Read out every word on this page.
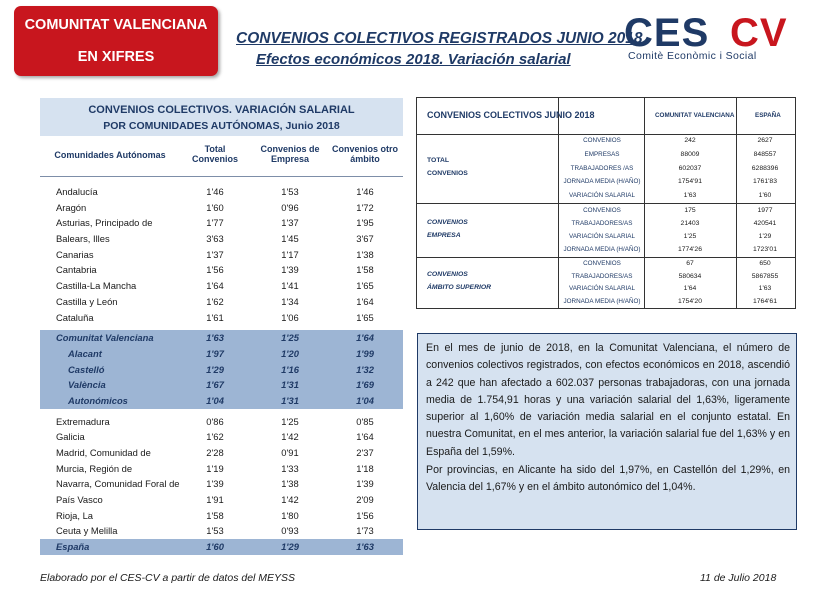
COMUNITAT VALENCIANA
EN XIFRES
CONVENIOS COLECTIVOS REGISTRADOS JUNIO 2018
Efectos económicos 2018. Variación salarial
CES CV
Comitè Econòmic i Social
CONVENIOS COLECTIVOS. VARIACIÓN SALARIAL
POR COMUNIDADES AUTÓNOMAS, Junio 2018
Comunidades Autónomas
Total Convenios
Convenios de Empresa
Convenios otro ámbito
Andalucía	1'46	1'53	1'46
Aragón	1'60	0'96	1'72
Asturias, Principado de	1'77	1'37	1'95
Balears, Illes	3'63	1'45	3'67
Canarias	1'37	1'17	1'38
Cantabria	1'56	1'39	1'58
Castilla-La Mancha	1'64	1'41	1'65
Castilla y León	1'62	1'34	1'64
Cataluña	1'61	1'06	1'65
Comunitat Valenciana	1'63	1'25	1'64
Alacant	1'97	1'20	1'99
Castelló	1'29	1'16	1'32
València	1'67	1'31	1'69
Autonómicos	1'04	1'31	1'04
Extremadura	0'86	1'25	0'85
Galicia	1'62	1'42	1'64
Madrid, Comunidad de	2'28	0'91	2'37
Murcia, Región de	1'19	1'33	1'18
Navarra, Comunidad Foral de	1'39	1'38	1'39
País Vasco	1'91	1'42	2'09
Rioja, La	1'58	1'80	1'56
Ceuta y Melilla	1'53	0'93	1'73
España	1'60	1'29	1'63
CONVENIOS COLECTIVOS JUNIO 2018	COMUNITAT VALENCIANA	ESPAÑA
TOTAL
CONVENIOS
CONVENIOS	242	2627
EMPRESAS	88009	848557
TRABAJADORES /AS	602037	6288396
JORNADA MEDIA (H/AÑO)	1754'91	1761'83
VARIACIÓN SALARIAL	1'63	1'60
CONVENIOS
EMPRESA
CONVENIOS	175	1977
TRABAJADORES/AS	21403	420541
VARIACIÓN SALARIAL	1'25	1'29
JORNADA MEDIA (H/AÑO)	1774'26	1723'01
CONVENIOS
ÁMBITO SUPERIOR
CONVENIOS	67	650
TRABAJADORES/AS	580634	5867855
VARIACIÓN SALARIAL	1'64	1'63
JORNADA MEDIA (H/AÑO)	1754'20	1764'61

En el mes de junio de 2018, en la Comunitat Valenciana, el número de convenios colectivos registrados, con efectos económicos en 2018, ascendió a 242 que han afectado a 602.037 personas trabajadoras, con una jornada media de 1.754,91 horas y una variación salarial del 1,63%, ligeramente superior al 1,60% de variación media salarial en el conjunto estatal. En nuestra Comunitat, en el mes anterior, la variación salarial fue del 1,63% y en España del 1,59%.

Por provincias, en Alicante ha sido del 1,97%, en Castellón del 1,29%, en Valencia del 1,67% y en el ámbito autonómico del 1,04%.

Elaborado por el CES-CV a partir de datos del MEYSS	11 de Julio 2018
